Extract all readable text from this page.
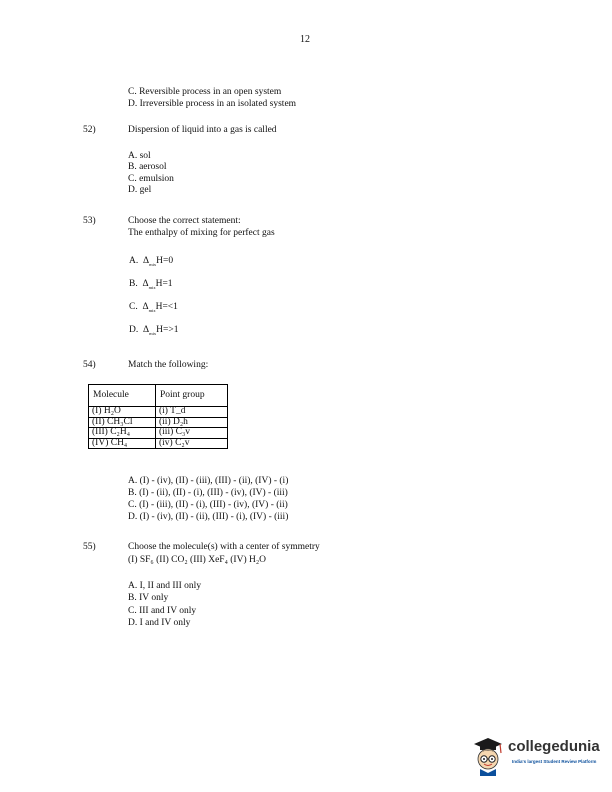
12
C. Reversible process in an open system
D. Irreversible process in an isolated system
52)	Dispersion of liquid into a gas is called
A. sol
B. aerosol
C. emulsion
D. gel
53)	Choose the correct statement:
The enthalpy of mixing for perfect gas
A. $\Delta_{mix}H=0$
B. $\Delta_{mix}H=1$
C. $\Delta_{mix}H=<1$
D. $\Delta_{mix}H=>1$
54)	Match the following:
Molecule	Point group
(I) H₂O	(i) T_d
(II) CH₃Cl	(ii) D₂h
(III) C₂H₄	(iii) C₃v
(IV) CH₄	(iv) C₂v
A. (I) - (iv), (II) - (iii), (III) - (ii), (IV) - (i)
B. (I) - (ii), (II) - (i), (III) - (iv), (IV) - (iii)
C. (I) - (iii), (II) - (i), (III) - (iv), (IV) - (ii)
D. (I) - (iv), (II) - (ii), (III) - (i), (IV) - (iii)
55)	Choose the molecule(s) with a center of symmetry
(I) SF₆ (II) CO₂ (III) XeF₄ (IV) H₂O
A. I, II and III only
B. IV only
C. III and IV only
D. I and IV only
collegedunia
India's largest Student Review Platform
